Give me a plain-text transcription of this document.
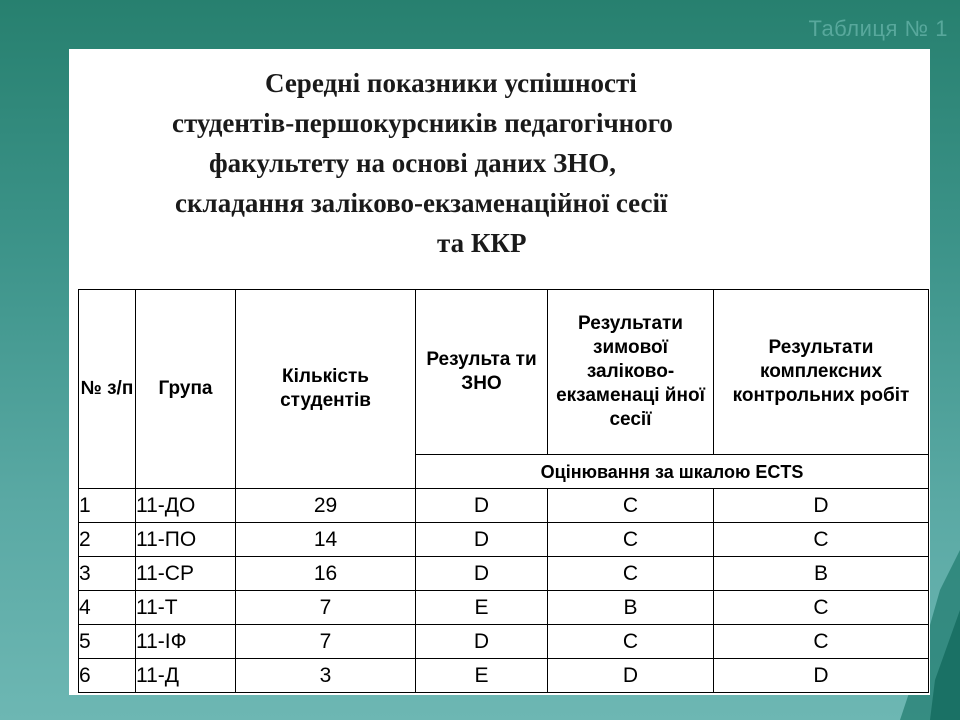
Таблиця № 1
Середні показники успішності
студентів-першокурсників педагогічного
факультету на основі даних ЗНО,
складання заліково-екзаменаційної сесії
та ККР
№ з/п	Група	Кількість студентів	Результа ти ЗНО	Результати зимової заліково-екзаменаці йної сесії	Результати комплексних контрольних робіт
			Оцінювання за шкалою ECTS		
1	11-ДО	29	D	C	D
2	11-ПО	14	D	C	C
3	11-СР	16	D	C	B
4	11-Т	7	E	B	C
5	11-ІФ	7	D	C	C
6	11-Д	3	E	D	D
